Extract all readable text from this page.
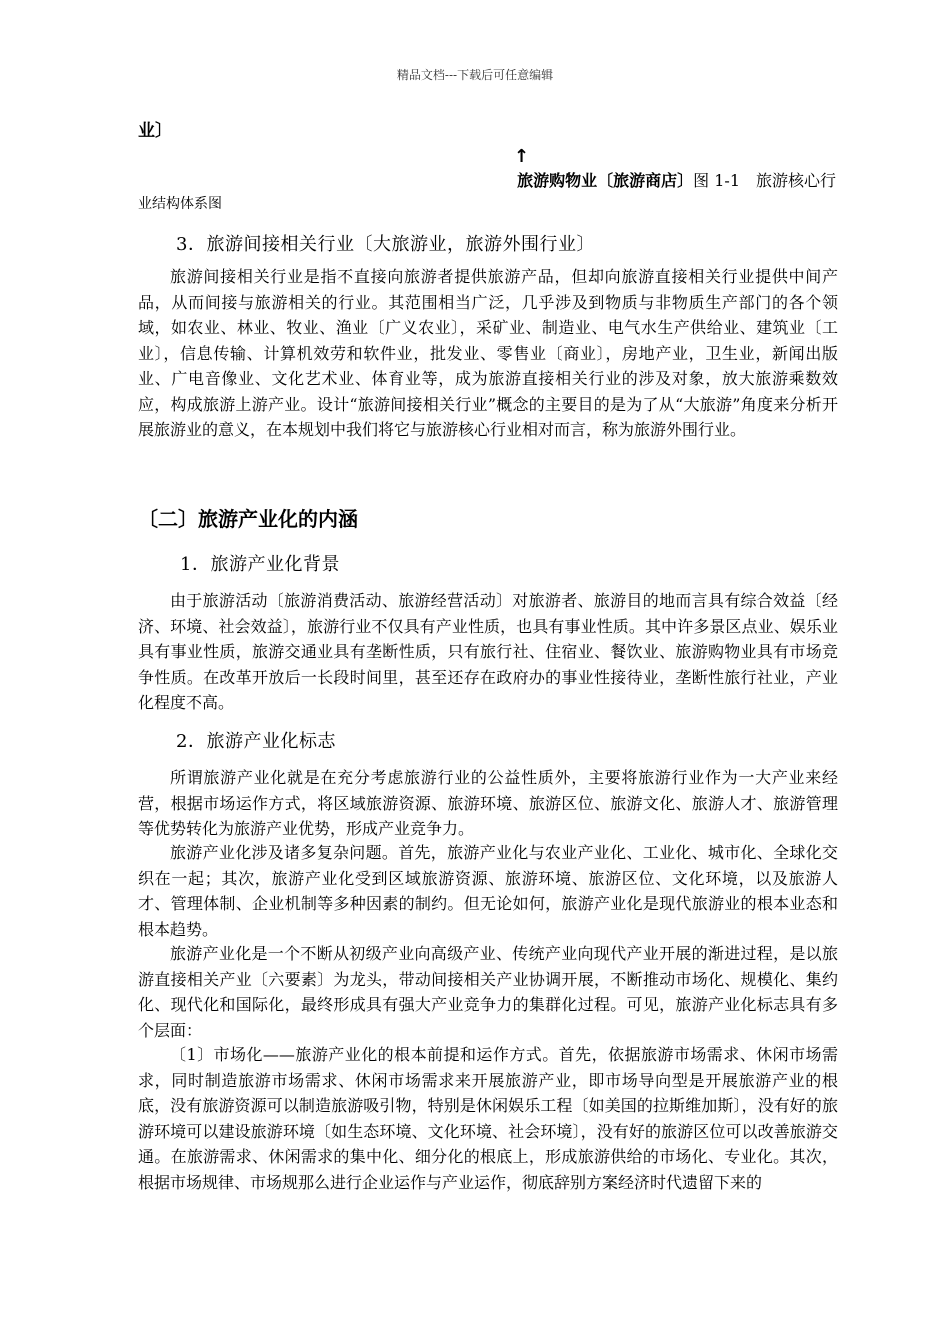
精品文档---下载后可任意编辑
业〕
↑
旅游购物业〔旅游商店〕图 1-1　旅游核心行
业结构体系图
3．旅游间接相关行业〔大旅游业，旅游外围行业〕

旅游间接相关行业是指不直接向旅游者提供旅游产品，但却向旅游直接相关行业提供中间产品，从而间接与旅游相关的行业。其范围相当广泛，几乎涉及到物质与非物质生产部门的各个领域，如农业、林业、牧业、渔业〔广义农业〕，采矿业、制造业、电气水生产供给业、建筑业〔工业〕，信息传输、计算机效劳和软件业，批发业、零售业〔商业〕，房地产业，卫生业，新闻出版业、广电音像业、文化艺术业、体育业等，成为旅游直接相关行业的涉及对象，放大旅游乘数效应，构成旅游上游产业。设计“旅游间接相关行业”概念的主要目的是为了从“大旅游”角度来分析开展旅游业的意义，在本规划中我们将它与旅游核心行业相对而言，称为旅游外围行业。

〔二〕旅游产业化的内涵
1．旅游产业化背景

由于旅游活动〔旅游消费活动、旅游经营活动〕对旅游者、旅游目的地而言具有综合效益〔经济、环境、社会效益〕，旅游行业不仅具有产业性质，也具有事业性质。其中许多景区点业、娱乐业具有事业性质，旅游交通业具有垄断性质，只有旅行社、住宿业、餐饮业、旅游购物业具有市场竞争性质。在改革开放后一长段时间里，甚至还存在政府办的事业性接待业，垄断性旅行社业，产业化程度不高。

2．旅游产业化标志

所谓旅游产业化就是在充分考虑旅游行业的公益性质外，主要将旅游行业作为一大产业来经营，根据市场运作方式，将区域旅游资源、旅游环境、旅游区位、旅游文化、旅游人才、旅游管理等优势转化为旅游产业优势，形成产业竞争力。

旅游产业化涉及诸多复杂问题。首先，旅游产业化与农业产业化、工业化、城市化、全球化交织在一起；其次，旅游产业化受到区域旅游资源、旅游环境、旅游区位、文化环境，以及旅游人才、管理体制、企业机制等多种因素的制约。但无论如何，旅游产业化是现代旅游业的根本业态和根本趋势。

旅游产业化是一个不断从初级产业向高级产业、传统产业向现代产业开展的渐进过程，是以旅游直接相关产业〔六要素〕为龙头，带动间接相关产业协调开展，不断推动市场化、规模化、集约化、现代化和国际化，最终形成具有强大产业竞争力的集群化过程。可见，旅游产业化标志具有多个层面：

〔1〕市场化——旅游产业化的根本前提和运作方式。首先，依据旅游市场需求、休闲市场需求，同时制造旅游市场需求、休闲市场需求来开展旅游产业，即市场导向型是开展旅游产业的根底，没有旅游资源可以制造旅游吸引物，特别是休闲娱乐工程〔如美国的拉斯维加斯〕，没有好的旅游环境可以建设旅游环境〔如生态环境、文化环境、社会环境〕，没有好的旅游区位可以改善旅游交通。在旅游需求、休闲需求的集中化、细分化的根底上，形成旅游供给的市场化、专业化。其次，根据市场规律、市场规那么进行企业运作与产业运作，彻底辞别方案经济时代遗留下来的
